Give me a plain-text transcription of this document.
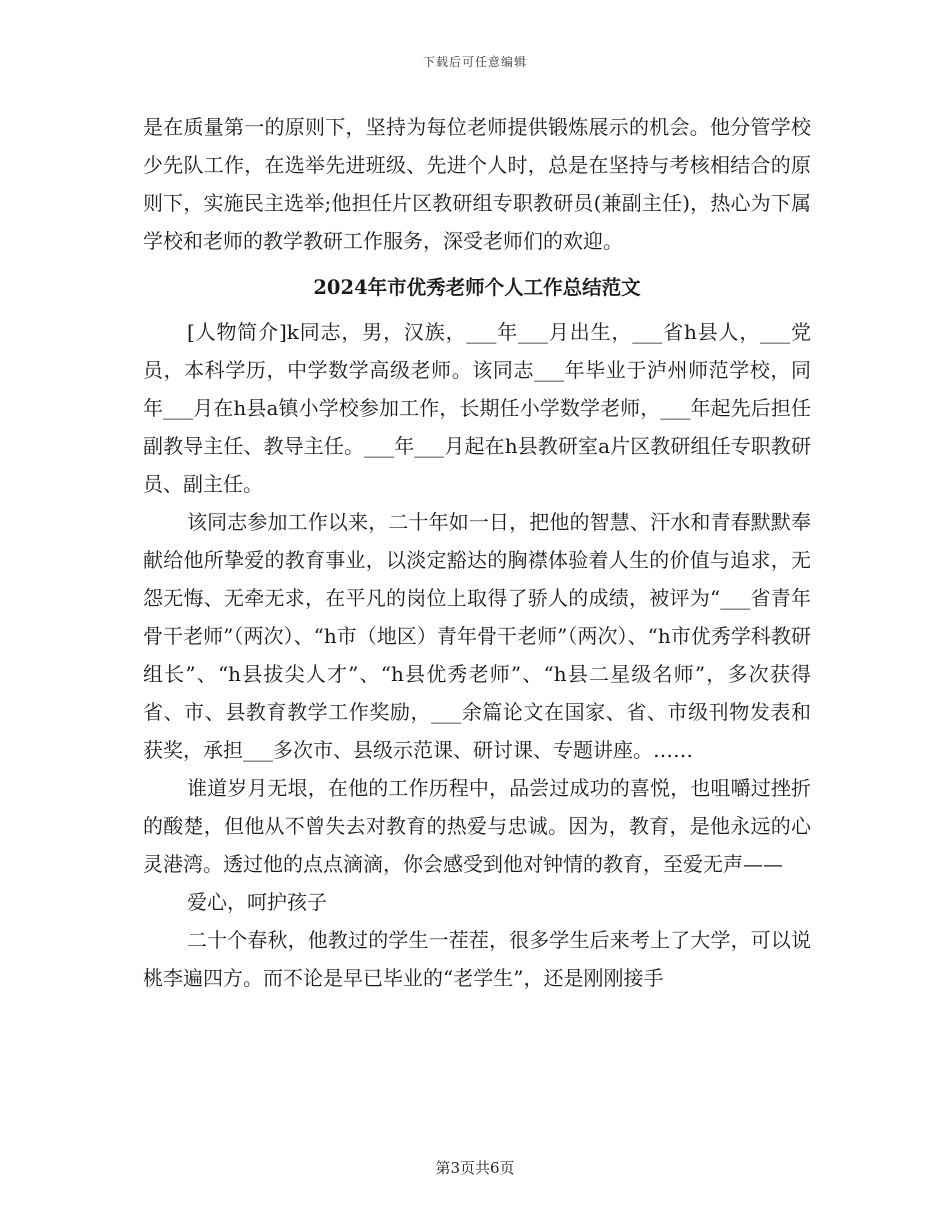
下载后可任意编辑

是在质量第一的原则下，坚持为每位老师提供锻炼展示的机会。他分管学校少先队工作，在选举先进班级、先进个人时，总是在坚持与考核相结合的原则下，实施民主选举;他担任片区教研组专职教研员(兼副主任)，热心为下属学校和老师的教学教研工作服务，深受老师们的欢迎。

2024年市优秀老师个人工作总结范文

[人物简介]k同志，男，汉族，___年___月出生，___省h县人，___党员，本科学历，中学数学高级老师。该同志___年毕业于泸州师范学校，同年___月在h县a镇小学校参加工作，长期任小学数学老师，___年起先后担任副教导主任、教导主任。___年___月起在h县教研室a片区教研组任专职教研员、副主任。

该同志参加工作以来，二十年如一日，把他的智慧、汗水和青春默默奉献给他所挚爱的教育事业，以淡定豁达的胸襟体验着人生的价值与追求，无怨无悔、无牵无求，在平凡的岗位上取得了骄人的成绩，被评为“___省青年骨干老师”（两次）、“h市（地区）青年骨干老师”（两次）、“h市优秀学科教研组长”、“h县拔尖人才”、“h县优秀老师”、“h县二星级名师”，多次获得省、市、县教育教学工作奖励，___余篇论文在国家、省、市级刊物发表和获奖，承担___多次市、县级示范课、研讨课、专题讲座。……

谁道岁月无垠，在他的工作历程中，品尝过成功的喜悦，也咀嚼过挫折的酸楚，但他从不曾失去对教育的热爱与忠诚。因为，教育，是他永远的心灵港湾。透过他的点点滴滴，你会感受到他对钟情的教育，至爱无声——

爱心，呵护孩子

二十个春秋，他教过的学生一茬茬，很多学生后来考上了大学，可以说桃李遍四方。而不论是早已毕业的“老学生”，还是刚刚接手

第3页共6页
